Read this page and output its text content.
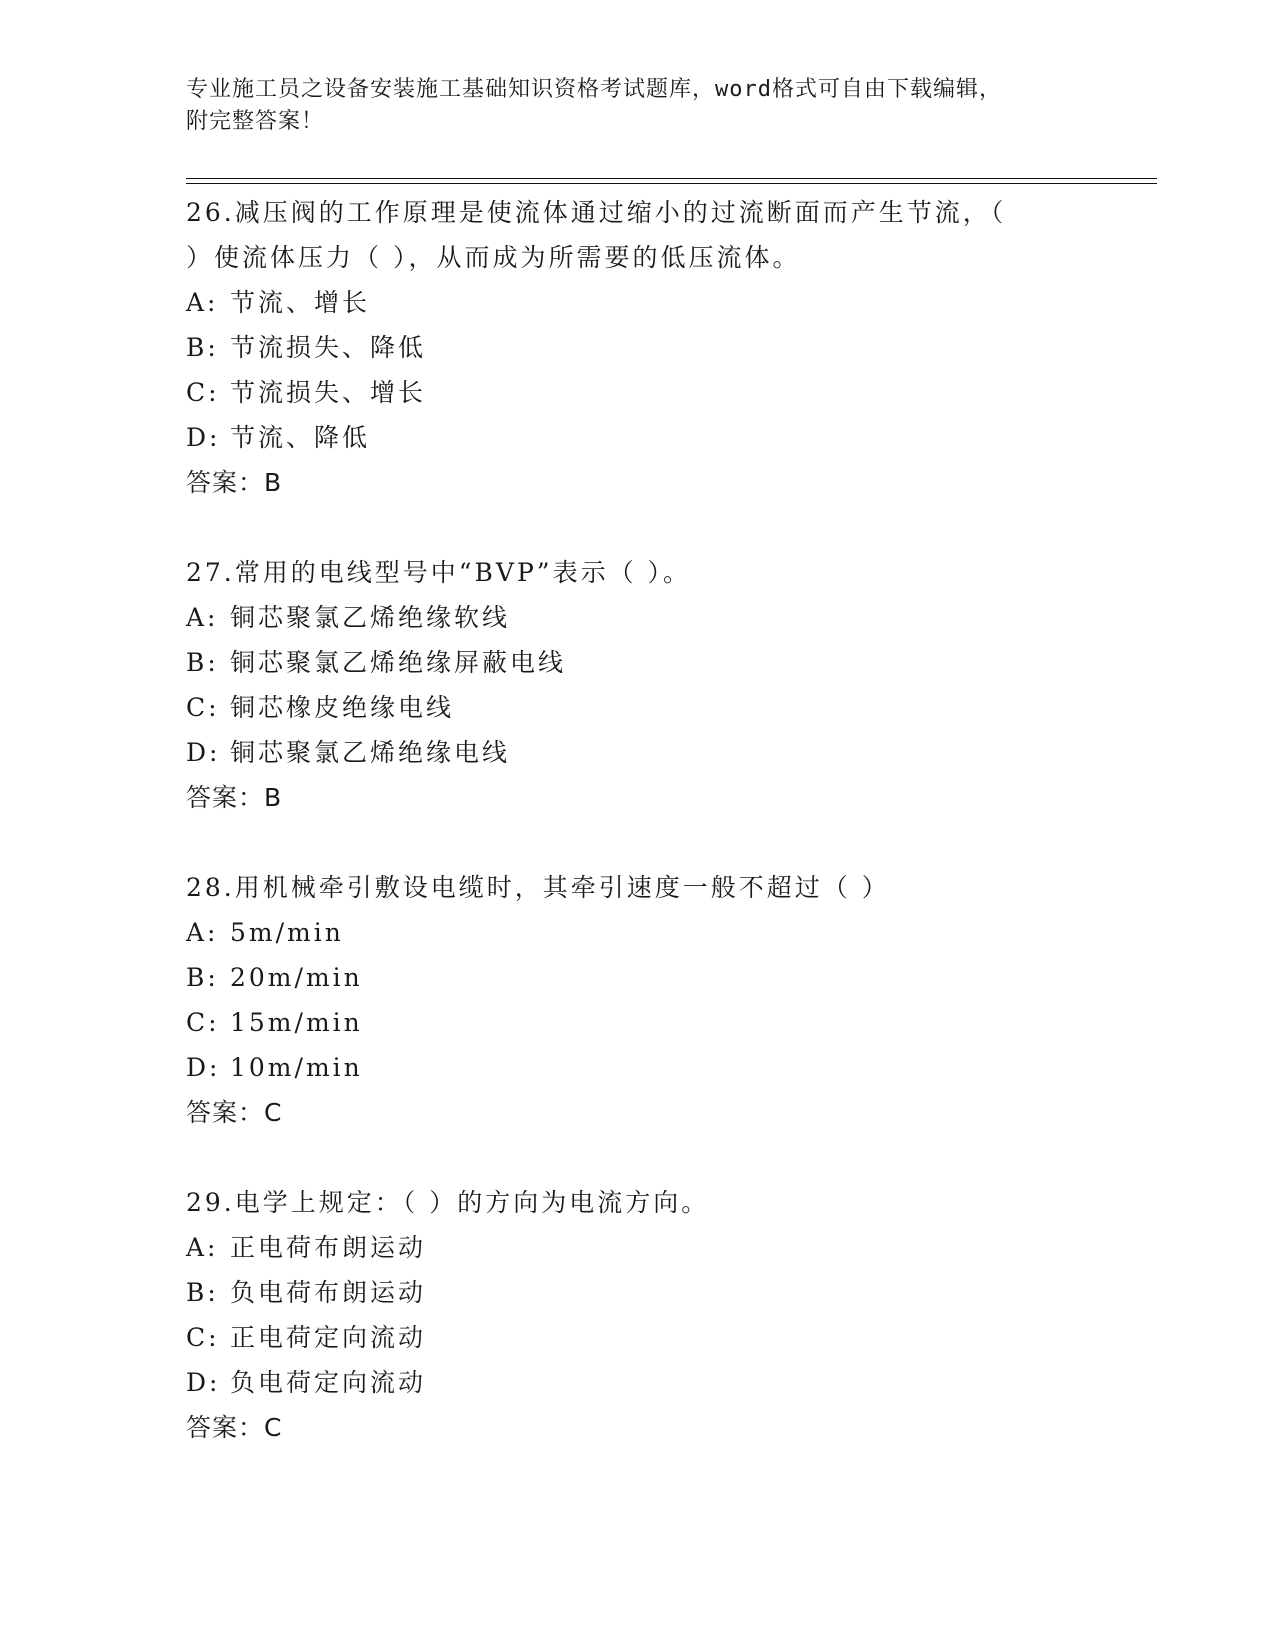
专业施工员之设备安装施工基础知识资格考试题库，word格式可自由下载编辑，
附完整答案！
26.减压阀的工作原理是使流体通过缩小的过流断面而产生节流，（
）使流体压力（ ），从而成为所需要的低压流体。
A: 节流、增长
B: 节流损失、降低
C: 节流损失、增长
D: 节流、降低
答案：B
27.常用的电线型号中“BVP”表示（ ）。
A: 铜芯聚氯乙烯绝缘软线
B: 铜芯聚氯乙烯绝缘屏蔽电线
C: 铜芯橡皮绝缘电线
D: 铜芯聚氯乙烯绝缘电线
答案：B
28.用机械牵引敷设电缆时，其牵引速度一般不超过（ ）
A: 5m/min
B: 20m/min
C: 15m/min
D: 10m/min
答案：C
29.电学上规定：（ ）的方向为电流方向。
A: 正电荷布朗运动
B: 负电荷布朗运动
C: 正电荷定向流动
D: 负电荷定向流动
答案：C
